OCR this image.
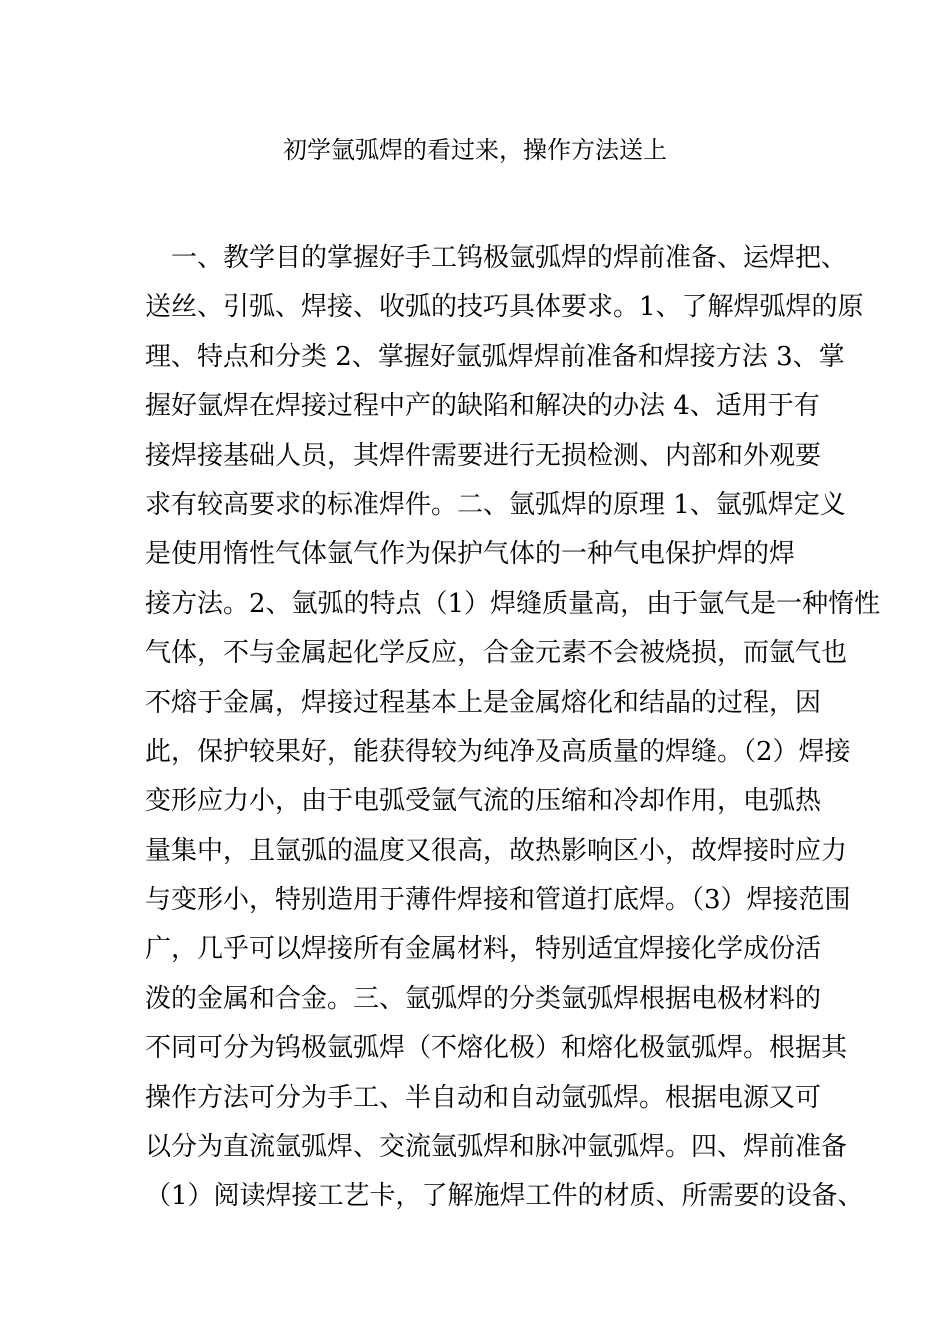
初学氩弧焊的看过来，操作方法送上
一、教学目的掌握好手工钨极氩弧焊的焊前准备、运焊把、
送丝、引弧、焊接、收弧的技巧具体要求。1、了解焊弧焊的原
理、特点和分类 2、掌握好氩弧焊焊前准备和焊接方法 3、掌
握好氩焊在焊接过程中产的缺陷和解决的办法 4、适用于有
接焊接基础人员，其焊件需要进行无损检测、内部和外观要
求有较高要求的标准焊件。二、氩弧焊的原理 1、氩弧焊定义
是使用惰性气体氩气作为保护气体的一种气电保护焊的焊
接方法。2、氩弧的特点（1）焊缝质量高，由于氩气是一种惰性
气体，不与金属起化学反应，合金元素不会被烧损，而氩气也
不熔于金属，焊接过程基本上是金属熔化和结晶的过程，因
此，保护较果好，能获得较为纯净及高质量的焊缝。（2）焊接
变形应力小，由于电弧受氩气流的压缩和冷却作用，电弧热
量集中，且氩弧的温度又很高，故热影响区小，故焊接时应力
与变形小，特别造用于薄件焊接和管道打底焊。（3）焊接范围
广，几乎可以焊接所有金属材料，特别适宜焊接化学成份活
泼的金属和合金。三、氩弧焊的分类氩弧焊根据电极材料的
不同可分为钨极氩弧焊（不熔化极）和熔化极氩弧焊。根据其
操作方法可分为手工、半自动和自动氩弧焊。根据电源又可
以分为直流氩弧焊、交流氩弧焊和脉冲氩弧焊。四、焊前准备
（1）阅读焊接工艺卡，了解施焊工件的材质、所需要的设备、
